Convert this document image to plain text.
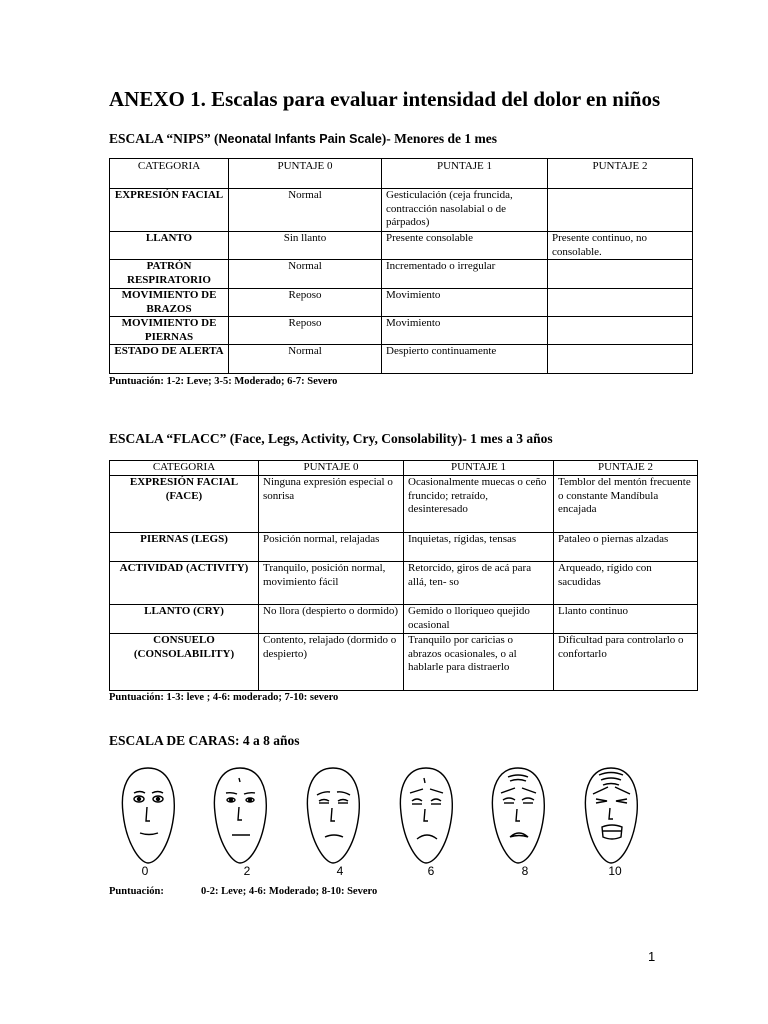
ANEXO 1. Escalas para evaluar intensidad del dolor en niños
ESCALA “NIPS” (Neonatal Infants Pain Scale)- Menores de 1 mes
CATEGORIA	PUNTAJE 0	PUNTAJE 1	PUNTAJE 2
EXPRESIÓN FACIAL	Normal	Gesticulación (ceja fruncida, contracción nasolabial o de párpados)	
LLANTO	Sin llanto	Presente consolable	Presente continuo, no consolable.
PATRÓN RESPIRATORIO	Normal	Incrementado o irregular	
MOVIMIENTO DE BRAZOS	Reposo	Movimiento	
MOVIMIENTO DE PIERNAS	Reposo	Movimiento	
ESTADO DE ALERTA	Normal	Despierto continuamente	
Puntuación: 1-2: Leve; 3-5: Moderado; 6-7: Severo
ESCALA “FLACC” (Face, Legs, Activity, Cry, Consolability)- 1 mes a 3 años
CATEGORIA	PUNTAJE 0	PUNTAJE 1	PUNTAJE 2
EXPRESIÓN FACIAL (FACE)	Ninguna expresión especial o sonrisa	Ocasionalmente muecas o ceño fruncido; retraído, desinteresado	Temblor del mentón frecuente o constante Mandíbula encajada
PIERNAS (LEGS)	Posición normal, relajadas	Inquietas, rígidas, tensas	Pataleo o piernas alzadas
ACTIVIDAD (ACTIVITY)	Tranquilo, posición normal, movimiento fácil	Retorcido, giros de acá para allá, ten- so	Arqueado, rígido con sacudidas
LLANTO (CRY)	No llora (despierto o dormido)	Gemido o lloriqueo quejido ocasional	Llanto continuo
CONSUELO (CONSOLABILITY)	Contento, relajado (dormido o despierto)	Tranquilo por caricias o abrazos ocasionales, o al hablarle para distraerlo	Dificultad para controlarlo o confortarlo
Puntuación: 1-3: leve ; 4-6: moderado; 7-10: severo
ESCALA DE CARAS: 4 a 8 años
0	2	4	6	8	10
Puntuación:	0-2: Leve; 4-6: Moderado; 8-10: Severo
1
